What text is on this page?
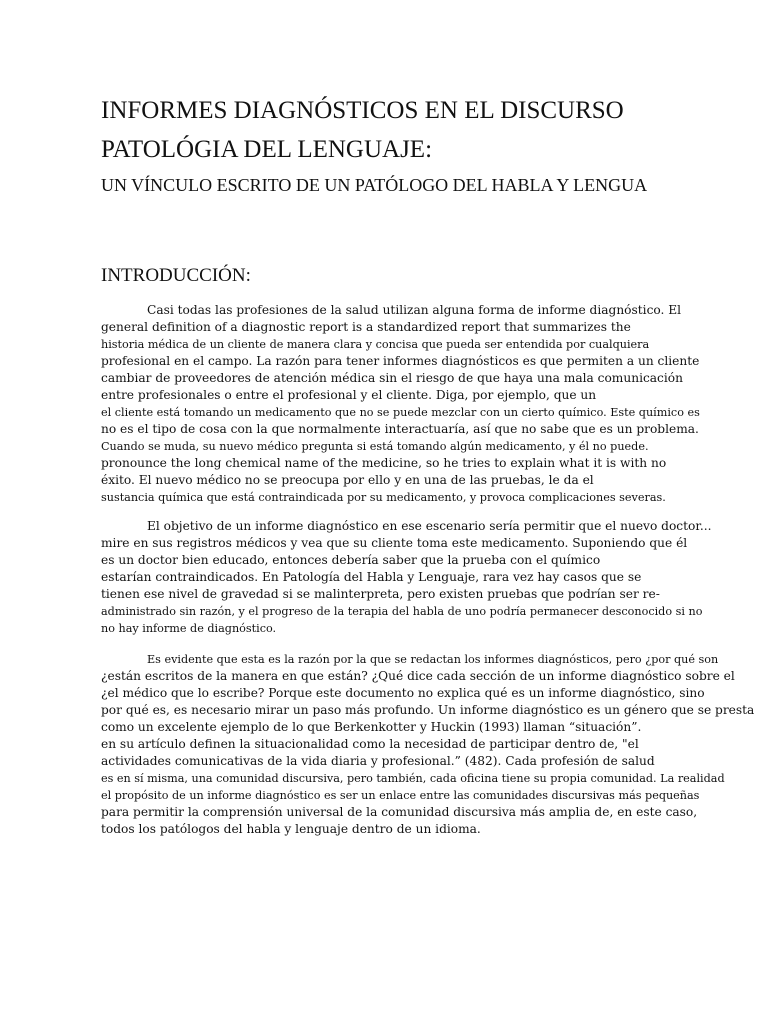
INFORMES DIAGNÓSTICOS EN EL DISCURSO
PATOLÓGIA DEL LENGUAJE:
UN VÍNCULO ESCRITO DE UN PATÓLOGO DEL HABLA Y LENGUA
INTRODUCCIÓN:
Casi todas las profesiones de la salud utilizan alguna forma de informe diagnóstico. El
general definition of a diagnostic report is a standardized report that summarizes the
historia médica de un cliente de manera clara y concisa que pueda ser entendida por cualquiera
profesional en el campo. La razón para tener informes diagnósticos es que permiten a un cliente
cambiar de proveedores de atención médica sin el riesgo de que haya una mala comunicación
entre profesionales o entre el profesional y el cliente. Diga, por ejemplo, que un
el cliente está tomando un medicamento que no se puede mezclar con un cierto químico. Este químico es
no es el tipo de cosa con la que normalmente interactuaría, así que no sabe que es un problema.
Cuando se muda, su nuevo médico pregunta si está tomando algún medicamento, y él no puede.
pronounce the long chemical name of the medicine, so he tries to explain what it is with no
éxito. El nuevo médico no se preocupa por ello y en una de las pruebas, le da el
sustancia química que está contraindicada por su medicamento, y provoca complicaciones severas.
El objetivo de un informe diagnóstico en ese escenario sería permitir que el nuevo doctor...
mire en sus registros médicos y vea que su cliente toma este medicamento. Suponiendo que él
es un doctor bien educado, entonces debería saber que la prueba con el químico
estarían contraindicados. En Patología del Habla y Lenguaje, rara vez hay casos que se
tienen ese nivel de gravedad si se malinterpreta, pero existen pruebas que podrían ser re-
administrado sin razón, y el progreso de la terapia del habla de uno podría permanecer desconocido si no
no hay informe de diagnóstico.
Es evidente que esta es la razón por la que se redactan los informes diagnósticos, pero ¿por qué son
¿están escritos de la manera en que están? ¿Qué dice cada sección de un informe diagnóstico sobre el
¿el médico que lo escribe? Porque este documento no explica qué es un informe diagnóstico, sino
por qué es, es necesario mirar un paso más profundo. Un informe diagnóstico es un género que se presta
como un excelente ejemplo de lo que Berkenkotter y Huckin (1993) llaman “situación”.
en su artículo definen la situacionalidad como la necesidad de participar dentro de, "el
actividades comunicativas de la vida diaria y profesional.” (482). Cada profesión de salud
es en sí misma, una comunidad discursiva, pero también, cada oficina tiene su propia comunidad. La realidad
el propósito de un informe diagnóstico es ser un enlace entre las comunidades discursivas más pequeñas
para permitir la comprensión universal de la comunidad discursiva más amplia de, en este caso,
todos los patólogos del habla y lenguaje dentro de un idioma.
